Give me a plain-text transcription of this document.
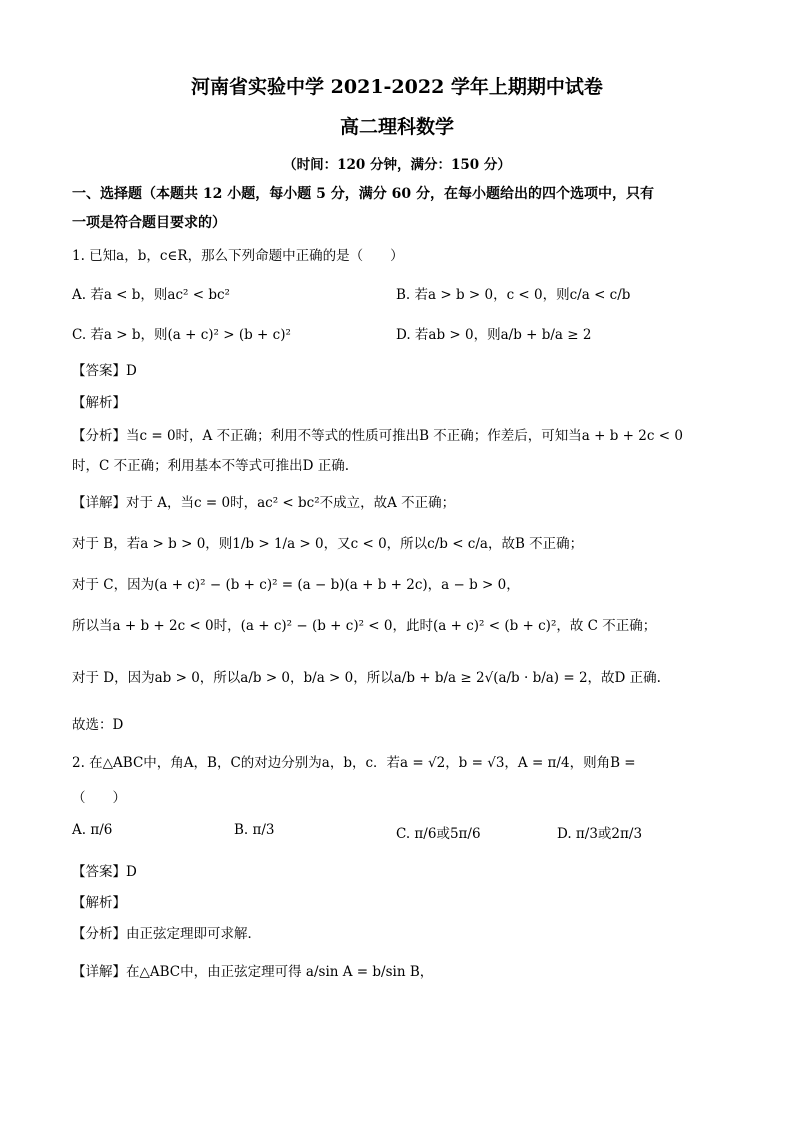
河南省实验中学 2021-2022 学年上期期中试卷
高二理科数学
（时间：120 分钟，满分：150 分）
一、选择题（本题共 12 小题，每小题 5 分，满分 60 分，在每小题给出的四个选项中，只有
一项是符合题目要求的）
1. 已知a，b，c∈R，那么下列命题中正确的是（　　）
A. 若a < b，则ac² < bc²	B. 若a > b > 0，c < 0，则c/a < c/b
C. 若a > b，则(a + c)² > (b + c)²	D. 若ab > 0，则a/b + b/a ≥ 2
【答案】D
【解析】
【分析】当c = 0时，A 不正确；利用不等式的性质可推出B 不正确；作差后，可知当a + b + 2c < 0
时，C 不正确；利用基本不等式可推出D 正确.
【详解】对于 A，当c = 0时，ac² < bc²不成立，故A 不正确；
对于 B，若a > b > 0，则1/b > 1/a > 0，又c < 0，所以c/b < c/a，故B 不正确；
对于 C，因为(a + c)² − (b + c)² = (a − b)(a + b + 2c)，a − b > 0，
所以当a + b + 2c < 0时，(a + c)² − (b + c)² < 0，此时(a + c)² < (b + c)²，故 C 不正确；
对于 D，因为ab > 0，所以a/b > 0，b/a > 0，所以a/b + b/a ≥ 2√(a/b · b/a) = 2，故D 正确.
故选：D
2. 在△ABC中，角A，B，C的对边分别为a，b，c．若a = √2，b = √3，A = π/4，则角B =
（　　）
A. π/6	B. π/3	C. π/6或5π/6	D. π/3或2π/3
【答案】D
【解析】
【分析】由正弦定理即可求解．
【详解】在△ABC中，由正弦定理可得 a/sin A = b/sin B，
